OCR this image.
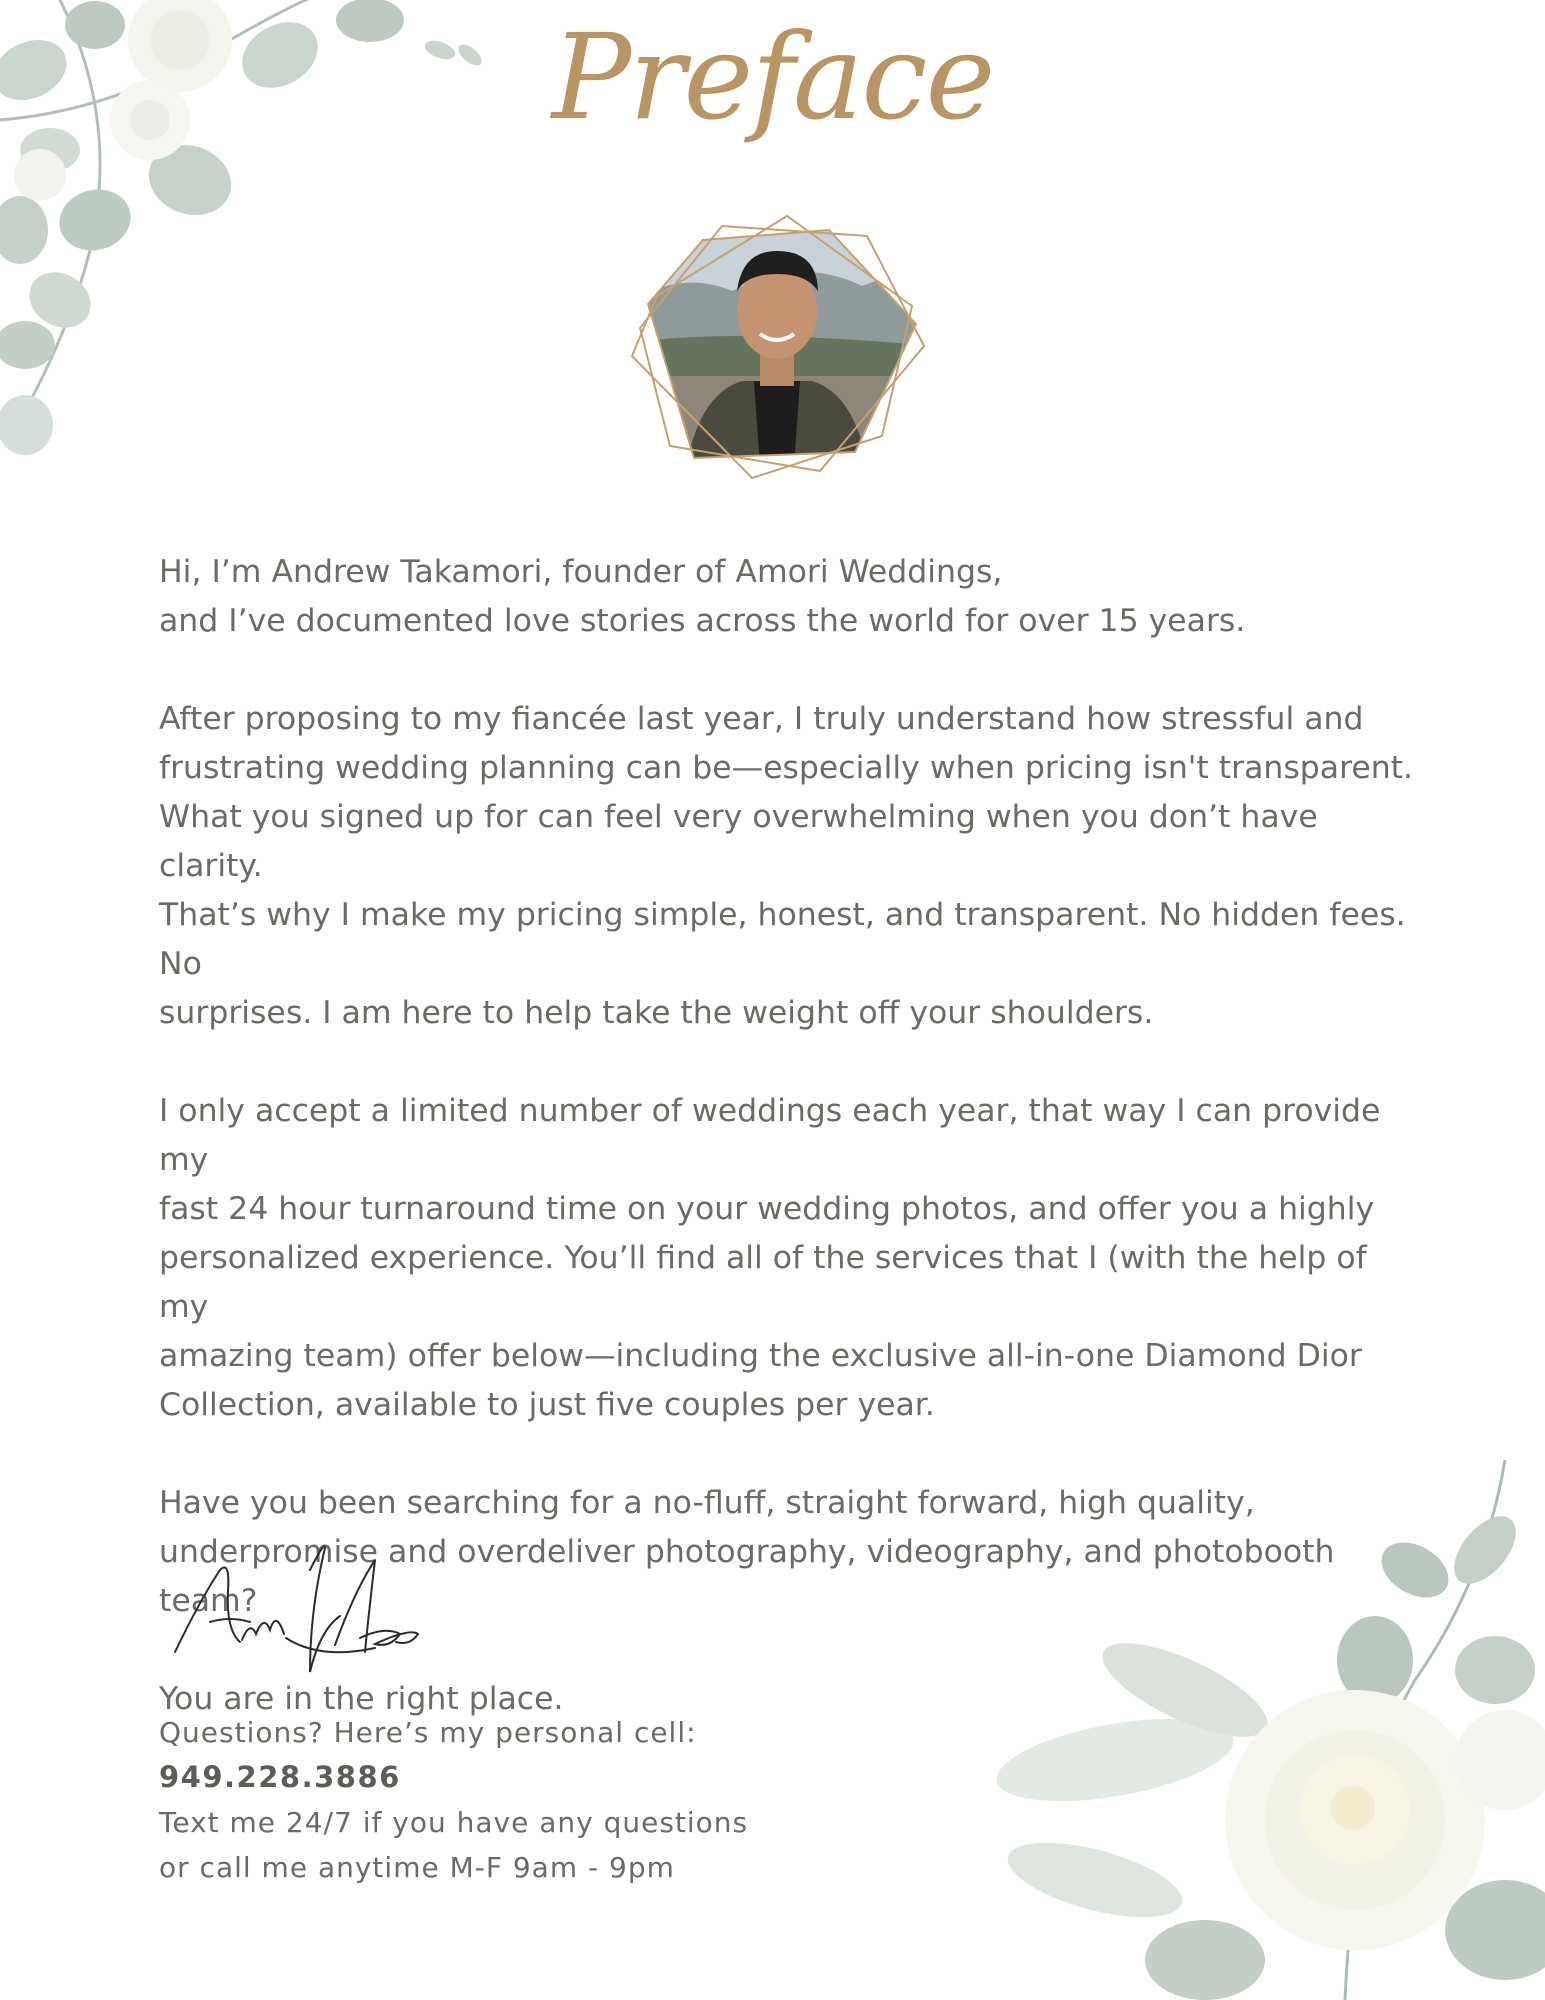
Preface

Hi, I’m Andrew Takamori, founder of Amori Weddings,
and I’ve documented love stories across the world for over 15 years.

After proposing to my fiancée last year, I truly understand how stressful and
frustrating wedding planning can be—especially when pricing isn't transparent.
What you signed up for can feel very overwhelming when you don’t have clarity.
That’s why I make my pricing simple, honest, and transparent. No hidden fees. No
surprises. I am here to help take the weight off your shoulders.

I only accept a limited number of weddings each year, that way I can provide my
fast 24 hour turnaround time on your wedding photos, and offer you a highly
personalized experience. You’ll find all of the services that I (with the help of my
amazing team) offer below—including the exclusive all-in-one Diamond Dior
Collection, available to just five couples per year.

Have you been searching for a no-fluff, straight forward, high quality,
underpromise and overdeliver photography, videography, and photobooth team?

You are in the right place.

Questions? Here’s my personal cell:
949.228.3886
Text me 24/7 if you have any questions
or call me anytime M-F 9am - 9pm
